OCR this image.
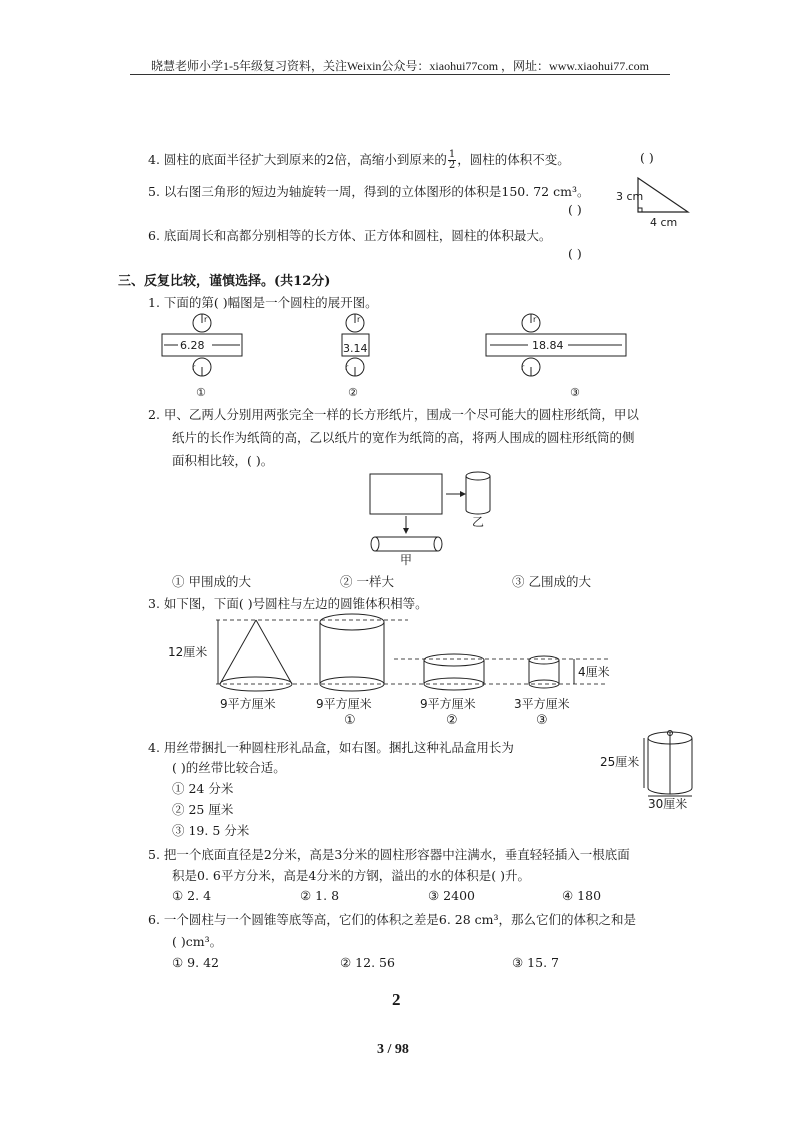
晓慧老师小学1-5年级复习资料，关注Weixin公众号：xiaohui77com ，网址：www.xiaohui77.com
4. 圆柱的底面半径扩大到原来的2倍，高缩小到原来的 $\frac{1}{2}$ ，圆柱的体积不变。	( )
5. 以右图三角形的短边为轴旋转一周，得到的立体图形的体积是150. 72 cm³。
( )
3 cm
4 cm
6. 底面周长和高都分别相等的长方体、正方体和圆柱，圆柱的体积最大。
( )
三、反复比较，谨慎选择。(共12分)
1. 下面的第( )幅图是一个圆柱的展开图。
r
6.28
r
①
r
3.14
r
②
r
18.84
r
③
2. 甲、乙两人分别用两张完全一样的长方形纸片，围成一个尽可能大的圆柱形纸筒，甲以
纸片的长作为纸筒的高，乙以纸片的宽作为纸筒的高，将两人围成的圆柱形纸筒的侧
面积相比较，( )。
乙
甲
① 甲围成的大	② 一样大	③ 乙围成的大
3. 如下图，下面( )号圆柱与左边的圆锥体积相等。
12厘米
9平方厘米	9平方厘米
①
9平方厘米
②
4厘米
3平方厘米
③
4. 用丝带捆扎一种圆柱形礼品盒，如右图。捆扎这种礼品盒用长为
( )的丝带比较合适。
① 24 分米
② 25 厘米
③ 19. 5 分米
25厘米
30厘米
5. 把一个底面直径是2分米，高是3分米的圆柱形容器中注满水，垂直轻轻插入一根底面
积是0. 6平方分米，高是4分米的方钢，溢出的水的体积是( )升。
① 2. 4	② 1. 8	③ 2400	④ 180
6. 一个圆柱与一个圆锥等底等高，它们的体积之差是6. 28 cm³，那么它们的体积之和是
( )cm³。
① 9. 42	② 12. 56	③ 15. 7
2
3 / 98
